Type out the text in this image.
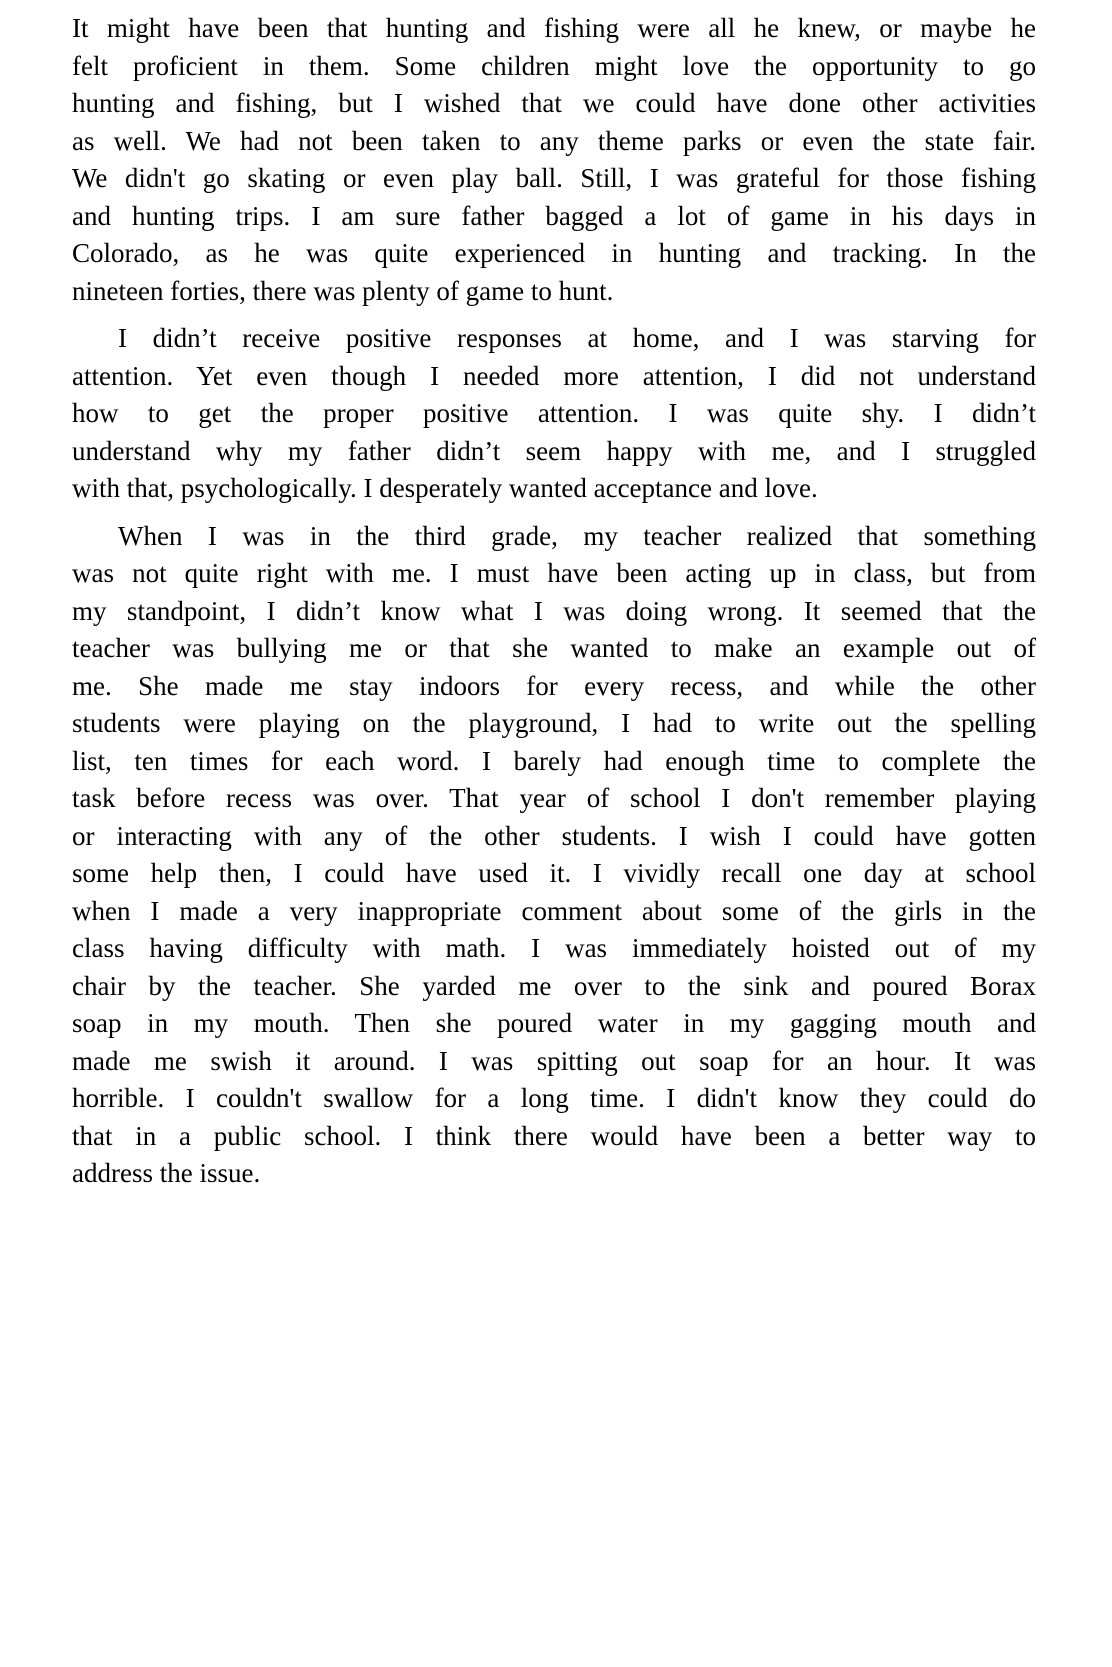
It might have been that hunting and fishing were all he knew, or maybe he
felt proficient in them. Some children might love the opportunity to go
hunting and fishing, but I wished that we could have done other activities
as well. We had not been taken to any theme parks or even the state fair.
We didn't go skating or even play ball. Still, I was grateful for those fishing
and hunting trips. I am sure father bagged a lot of game in his days in
Colorado, as he was quite experienced in hunting and tracking. In the
nineteen forties, there was plenty of game to hunt.

I didn’t receive positive responses at home, and I was starving for
attention. Yet even though I needed more attention, I did not understand
how to get the proper positive attention. I was quite shy. I didn’t
understand why my father didn’t seem happy with me, and I struggled
with that, psychologically. I desperately wanted acceptance and love.

When I was in the third grade, my teacher realized that something
was not quite right with me. I must have been acting up in class, but from
my standpoint, I didn’t know what I was doing wrong. It seemed that the
teacher was bullying me or that she wanted to make an example out of
me. She made me stay indoors for every recess, and while the other
students were playing on the playground, I had to write out the spelling
list, ten times for each word. I barely had enough time to complete the
task before recess was over. That year of school I don't remember playing
or interacting with any of the other students. I wish I could have gotten
some help then, I could have used it. I vividly recall one day at school
when I made a very inappropriate comment about some of the girls in the
class having difficulty with math. I was immediately hoisted out of my
chair by the teacher. She yarded me over to the sink and poured Borax
soap in my mouth. Then she poured water in my gagging mouth and
made me swish it around. I was spitting out soap for an hour. It was
horrible. I couldn't swallow for a long time. I didn't know they could do
that in a public school. I think there would have been a better way to
address the issue.
